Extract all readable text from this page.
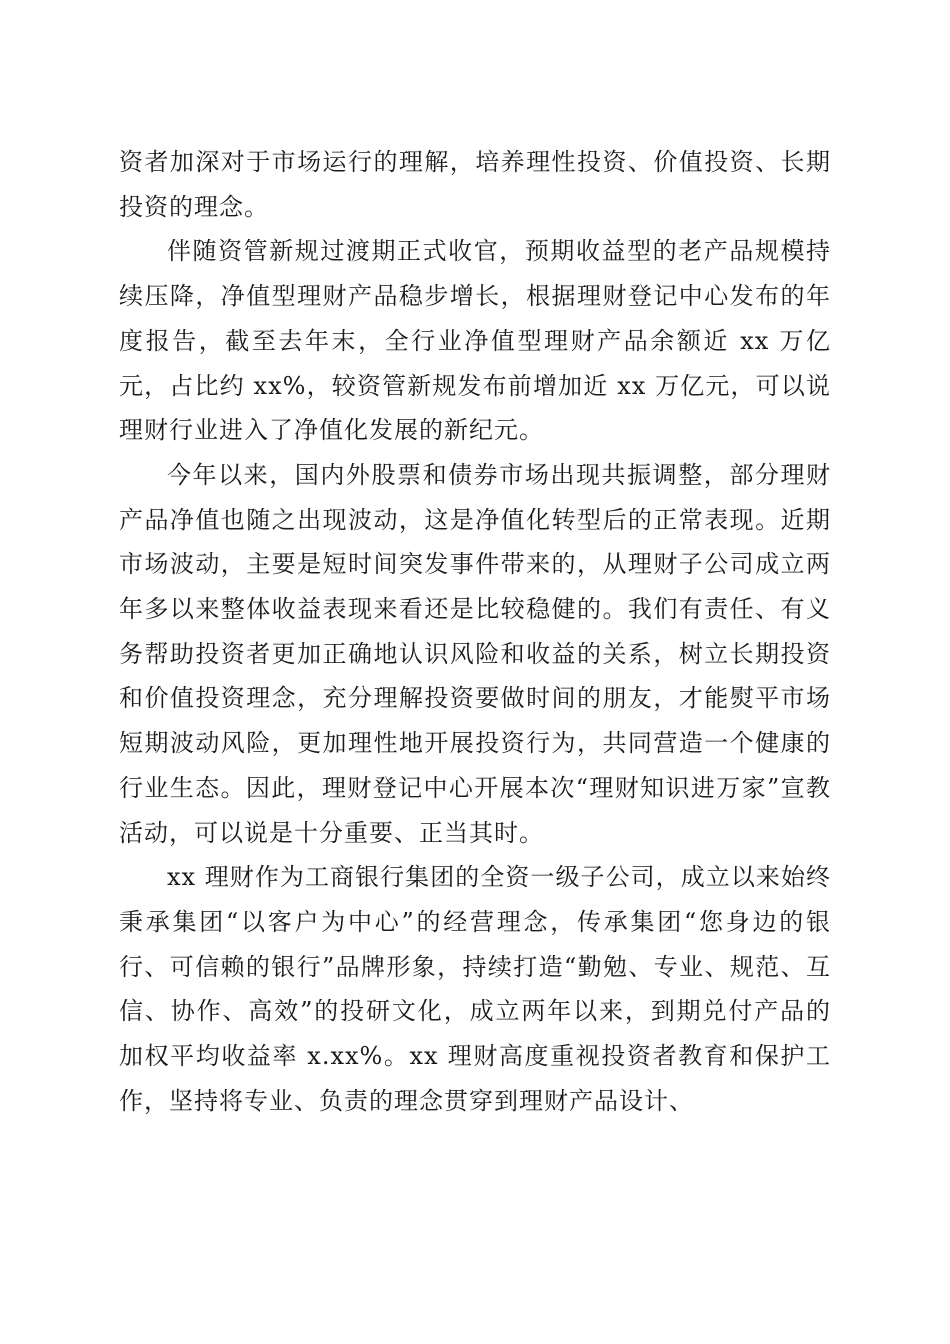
资者加深对于市场运行的理解，培养理性投资、价值投资、长期投资的理念。

伴随资管新规过渡期正式收官，预期收益型的老产品规模持续压降，净值型理财产品稳步增长，根据理财登记中心发布的年度报告，截至去年末，全行业净值型理财产品余额近 xx 万亿元，占比约 xx%，较资管新规发布前增加近 xx 万亿元，可以说理财行业进入了净值化发展的新纪元。

今年以来，国内外股票和债券市场出现共振调整，部分理财产品净值也随之出现波动，这是净值化转型后的正常表现。近期市场波动，主要是短时间突发事件带来的，从理财子公司成立两年多以来整体收益表现来看还是比较稳健的。我们有责任、有义务帮助投资者更加正确地认识风险和收益的关系，树立长期投资和价值投资理念，充分理解投资要做时间的朋友，才能熨平市场短期波动风险，更加理性地开展投资行为，共同营造一个健康的行业生态。因此，理财登记中心开展本次“理财知识进万家”宣教活动，可以说是十分重要、正当其时。

xx 理财作为工商银行集团的全资一级子公司，成立以来始终秉承集团“以客户为中心”的经营理念，传承集团“您身边的银行、可信赖的银行”品牌形象，持续打造“勤勉、专业、规范、互信、协作、高效”的投研文化，成立两年以来，到期兑付产品的加权平均收益率 x.xx%。xx 理财高度重视投资者教育和保护工作，坚持将专业、负责的理念贯穿到理财产品设计、
